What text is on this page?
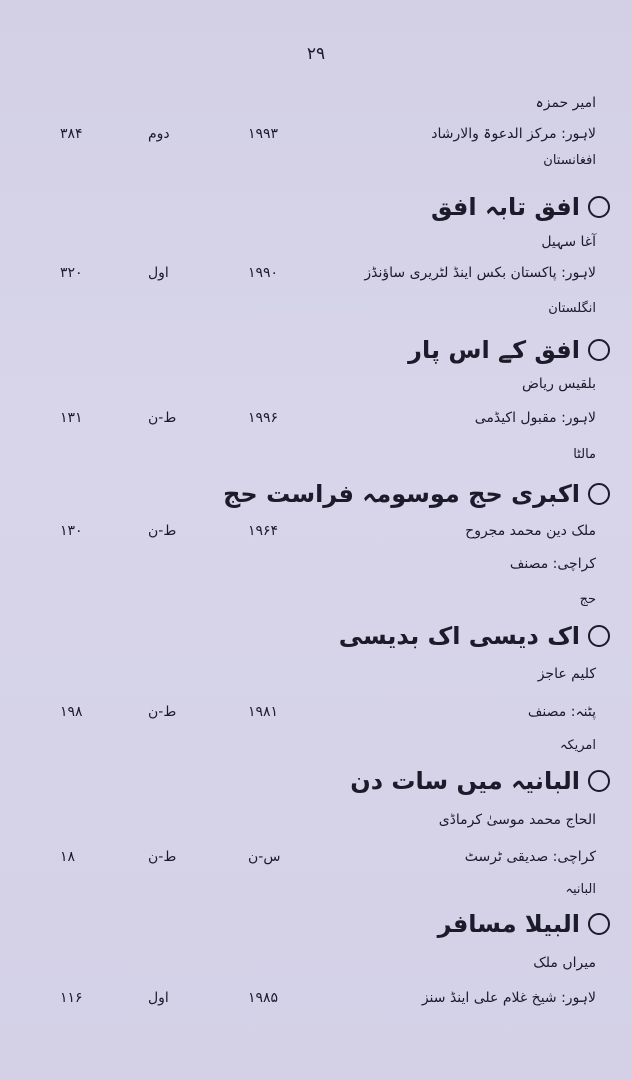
۲۹
امیر حمزہ
لاہور: مرکز الدعوۃ والارشاد
۱۹۹۳
دوم
۳۸۴
افغانستان
افق تابہ افق
آغا سہیل
لاہور: پاکستان بکس اینڈ لٹریری ساؤنڈز
۱۹۹۰
اول
۳۲۰
انگلستان
افق کے اس پار
بلقیس ریاض
لاہور: مقبول اکیڈمی
۱۹۹۶
ط-ن
۱۳۱
مالٹا
اکبری حج موسومہ فراست حج
ملک دین محمد مجروح
۱۹۶۴
ط-ن
۱۳۰
کراچی: مصنف
حج
اک دیسی اک بدیسی
کلیم عاجز
پٹنہ: مصنف
۱۹۸۱
ط-ن
۱۹۸
امریکہ
البانیہ میں سات دن
الحاج محمد موسیٰ کرماڈی
کراچی: صدیقی ٹرسٹ
س-ن
ط-ن
۱۸
البانیہ
البیلا مسافر
میراں ملک
لاہور: شیخ غلام علی اینڈ سنز
۱۹۸۵
اول
۱۱۶
